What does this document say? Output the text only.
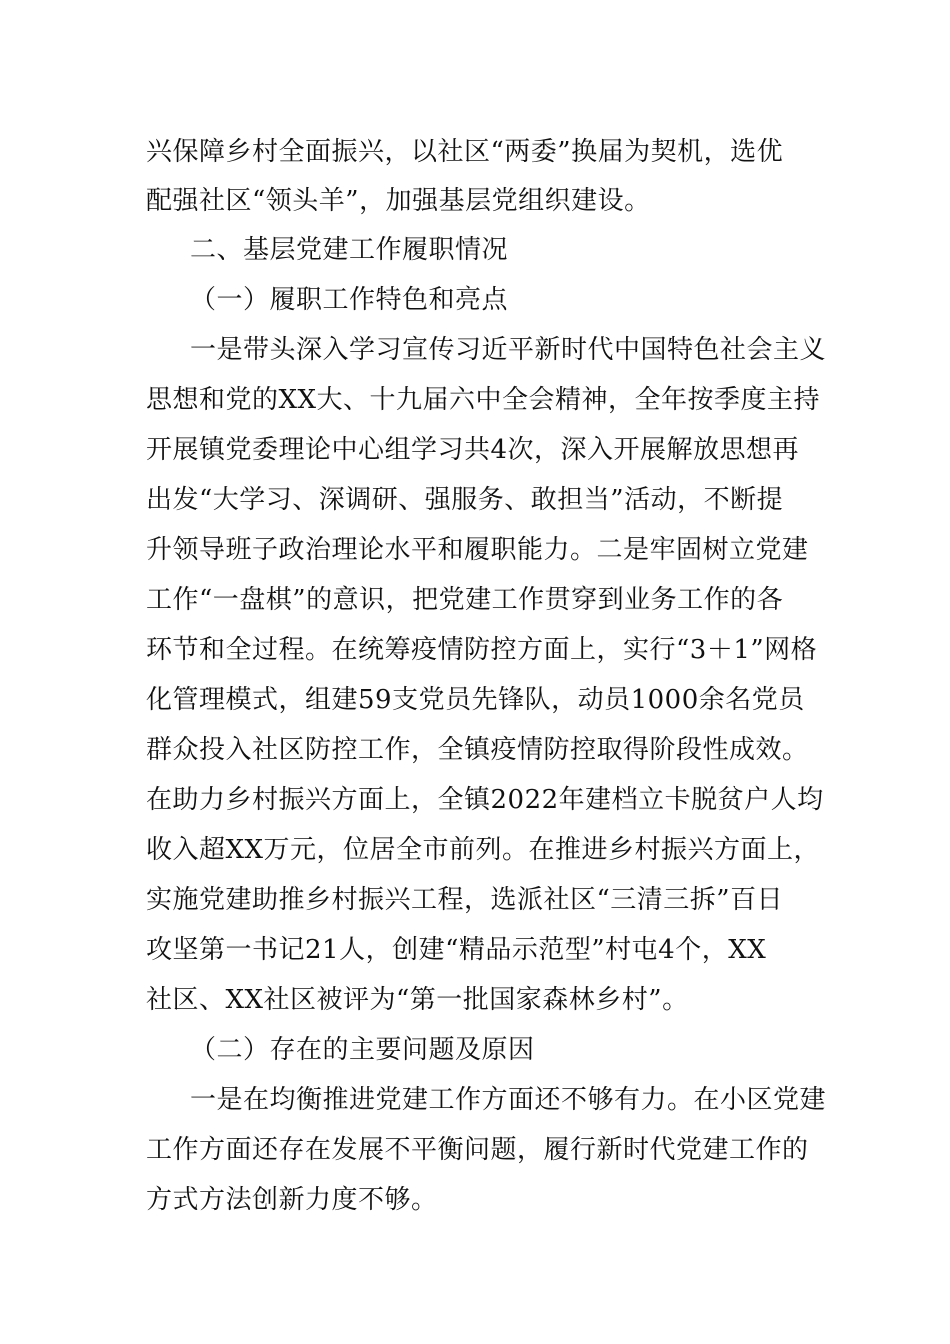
兴保障乡村全面振兴，以社区“两委”换届为契机，选优
配强社区“领头羊”，加强基层党组织建设。
二、基层党建工作履职情况
（一）履职工作特色和亮点
一是带头深入学习宣传习近平新时代中国特色社会主义
思想和党的XX大、十九届六中全会精神，全年按季度主持
开展镇党委理论中心组学习共4次，深入开展解放思想再
出发“大学习、深调研、强服务、敢担当”活动，不断提
升领导班子政治理论水平和履职能力。二是牢固树立党建
工作“一盘棋”的意识，把党建工作贯穿到业务工作的各
环节和全过程。在统筹疫情防控方面上，实行“3＋1”网格
化管理模式，组建59支党员先锋队，动员1000余名党员
群众投入社区防控工作，全镇疫情防控取得阶段性成效。
在助力乡村振兴方面上，全镇2022年建档立卡脱贫户人均
收入超XX万元，位居全市前列。在推进乡村振兴方面上，
实施党建助推乡村振兴工程，选派社区“三清三拆”百日
攻坚第一书记21人，创建“精品示范型”村屯4个，XX
社区、XX社区被评为“第一批国家森林乡村”。
（二）存在的主要问题及原因
一是在均衡推进党建工作方面还不够有力。在小区党建
工作方面还存在发展不平衡问题，履行新时代党建工作的
方式方法创新力度不够。
